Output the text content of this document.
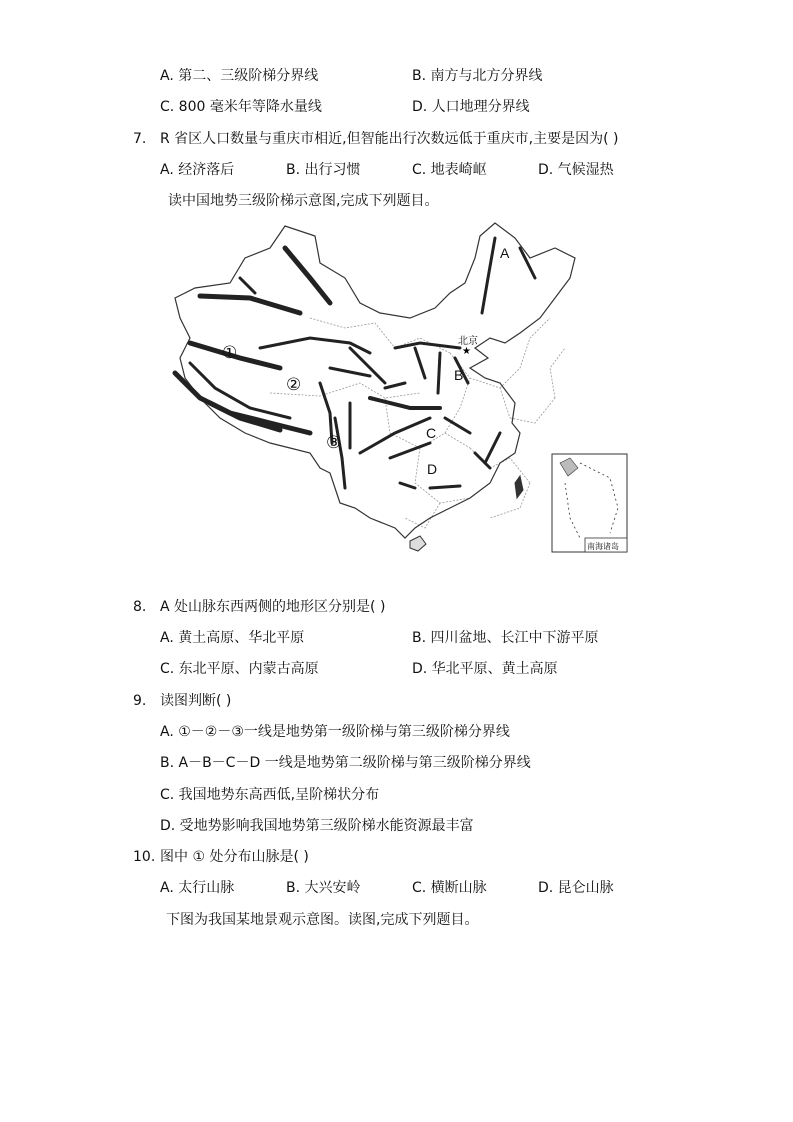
A. 第二、三级阶梯分界线	B. 南方与北方分界线
C. 800 毫米年等降水量线	D. 人口地理分界线
7. R 省区人口数量与重庆市相近,但智能出行次数远低于重庆市,主要是因为( )
A. 经济落后	B. 出行习惯	C. 地表崎岖	D. 气候湿热
读中国地势三级阶梯示意图,完成下列题目。
A
B
C
D
①
②
③
北京
★
南海诸岛
8. A 处山脉东西两侧的地形区分别是( )
A. 黄土高原、华北平原	B. 四川盆地、长江中下游平原
C. 东北平原、内蒙古高原	D. 华北平原、黄土高原
9. 读图判断( )
A. ①－②－③一线是地势第一级阶梯与第三级阶梯分界线
B. A－B－C－D 一线是地势第二级阶梯与第三级阶梯分界线
C. 我国地势东高西低,呈阶梯状分布
D. 受地势影响我国地势第三级阶梯水能资源最丰富
10. 图中 ① 处分布山脉是( )
A. 太行山脉	B. 大兴安岭	C. 横断山脉	D. 昆仑山脉
下图为我国某地景观示意图。读图,完成下列题目。
